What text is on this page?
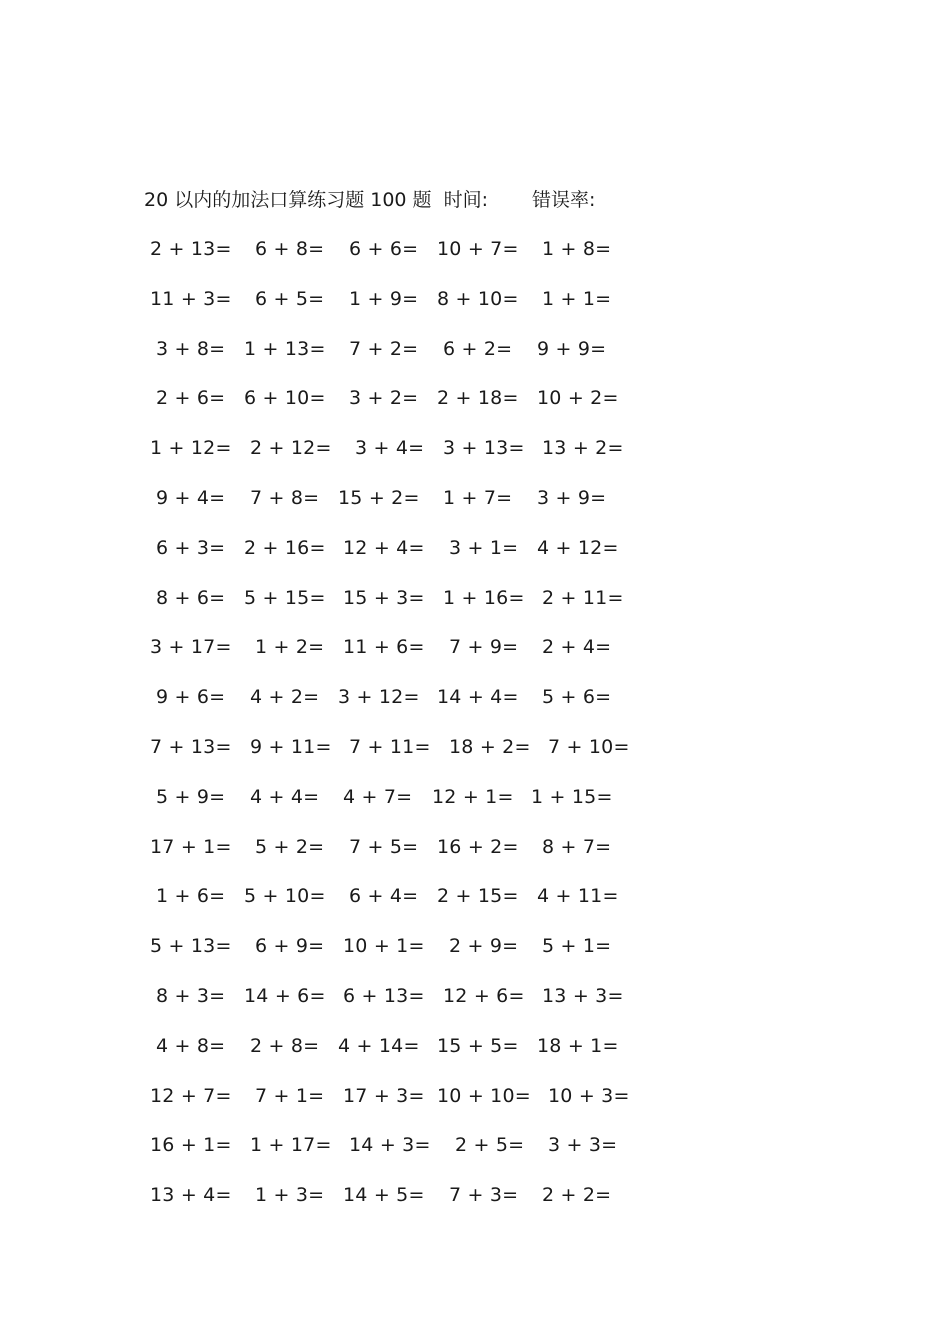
20 以内的加法口算练习题 100 题 时间: 错误率:
2 + 13= 6 + 8= 6 + 6= 10 + 7= 1 + 8=
11 + 3= 6 + 5= 1 + 9= 8 + 10= 1 + 1=
3 + 8= 1 + 13= 7 + 2= 6 + 2= 9 + 9=
2 + 6= 6 + 10= 3 + 2= 2 + 18= 10 + 2=
1 + 12= 2 + 12= 3 + 4= 3 + 13= 13 + 2=
9 + 4= 7 + 8= 15 + 2= 1 + 7= 3 + 9=
6 + 3= 2 + 16= 12 + 4= 3 + 1= 4 + 12=
8 + 6= 5 + 15= 15 + 3= 1 + 16= 2 + 11=
3 + 17= 1 + 2= 11 + 6= 7 + 9= 2 + 4=
9 + 6= 4 + 2= 3 + 12= 14 + 4= 5 + 6=
7 + 13= 9 + 11= 7 + 11= 18 + 2= 7 + 10=
5 + 9= 4 + 4= 4 + 7= 12 + 1= 1 + 15=
17 + 1= 5 + 2= 7 + 5= 16 + 2= 8 + 7=
1 + 6= 5 + 10= 6 + 4= 2 + 15= 4 + 11=
5 + 13= 6 + 9= 10 + 1= 2 + 9= 5 + 1=
8 + 3= 14 + 6= 6 + 13= 12 + 6= 13 + 3=
4 + 8= 2 + 8= 4 + 14= 15 + 5= 18 + 1=
12 + 7= 7 + 1= 17 + 3= 10 + 10= 10 + 3=
16 + 1= 1 + 17= 14 + 3= 2 + 5= 3 + 3=
13 + 4= 1 + 3= 14 + 5= 7 + 3= 2 + 2=
